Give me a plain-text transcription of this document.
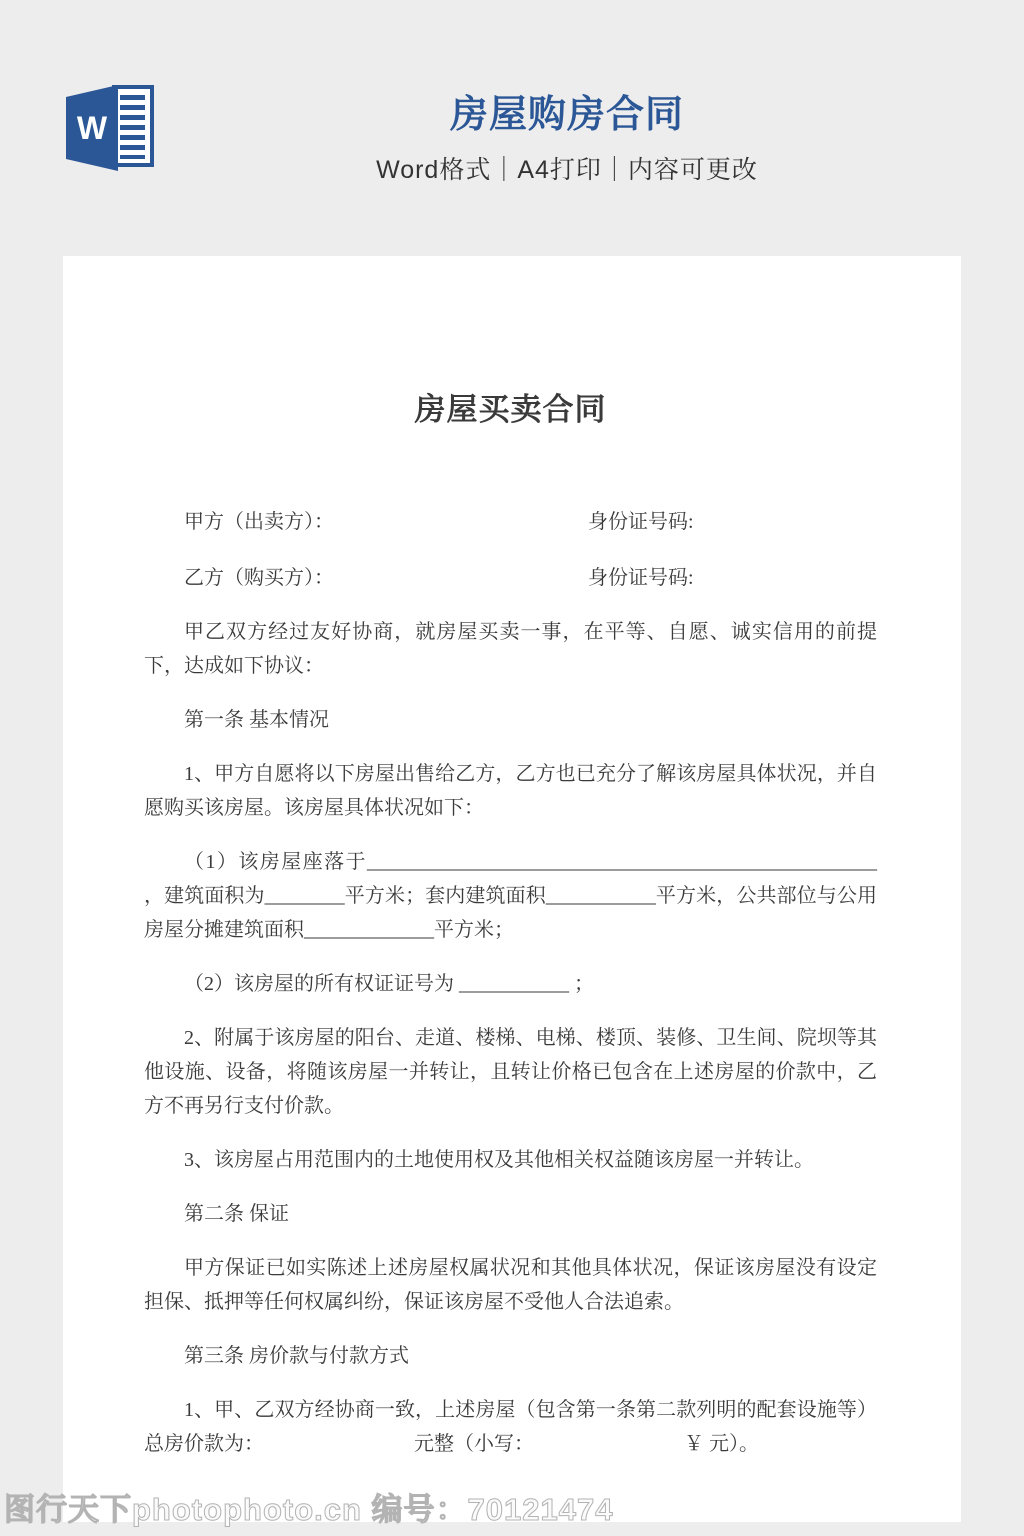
W	房屋购房合同
Word格式｜A4打印｜内容可更改
房屋买卖合同
甲方（出卖方）：	身份证号码:
乙方（购买方）：	身份证号码:

甲乙双方经过友好协商，就房屋买卖一事，在平等、自愿、诚实信用的前提下，达成如下协议：

第一条 基本情况

1、甲方自愿将以下房屋出售给乙方，乙方也已充分了解该房屋具体状况，并自愿购买该房屋。该房屋具体状况如下：

（1）该房屋座落于___________________________________________________ ，建筑面积为________平方米；套内建筑面积___________平方米，公共部位与公用房屋分摊建筑面积_____________平方米；

（2）该房屋的所有权证证号为 ___________ ；

2、附属于该房屋的阳台、走道、楼梯、电梯、楼顶、装修、卫生间、院坝等其他设施、设备，将随该房屋一并转让，且转让价格已包含在上述房屋的价款中，乙方不再另行支付价款。

3、该房屋占用范围内的土地使用权及其他相关权益随该房屋一并转让。

第二条 保证

甲方保证已如实陈述上述房屋权属状况和其他具体状况，保证该房屋没有设定担保、抵押等任何权属纠纷，保证该房屋不受他人合法追索。

第三条 房价款与付款方式

1、甲、乙双方经协商一致，上述房屋（包含第一条第二款列明的配套设施等）总房价款为：　　　　　　　　元整（小写：　　　　　　　　￥ 元）。

图行天下photophoto.cn 编号：70121474
